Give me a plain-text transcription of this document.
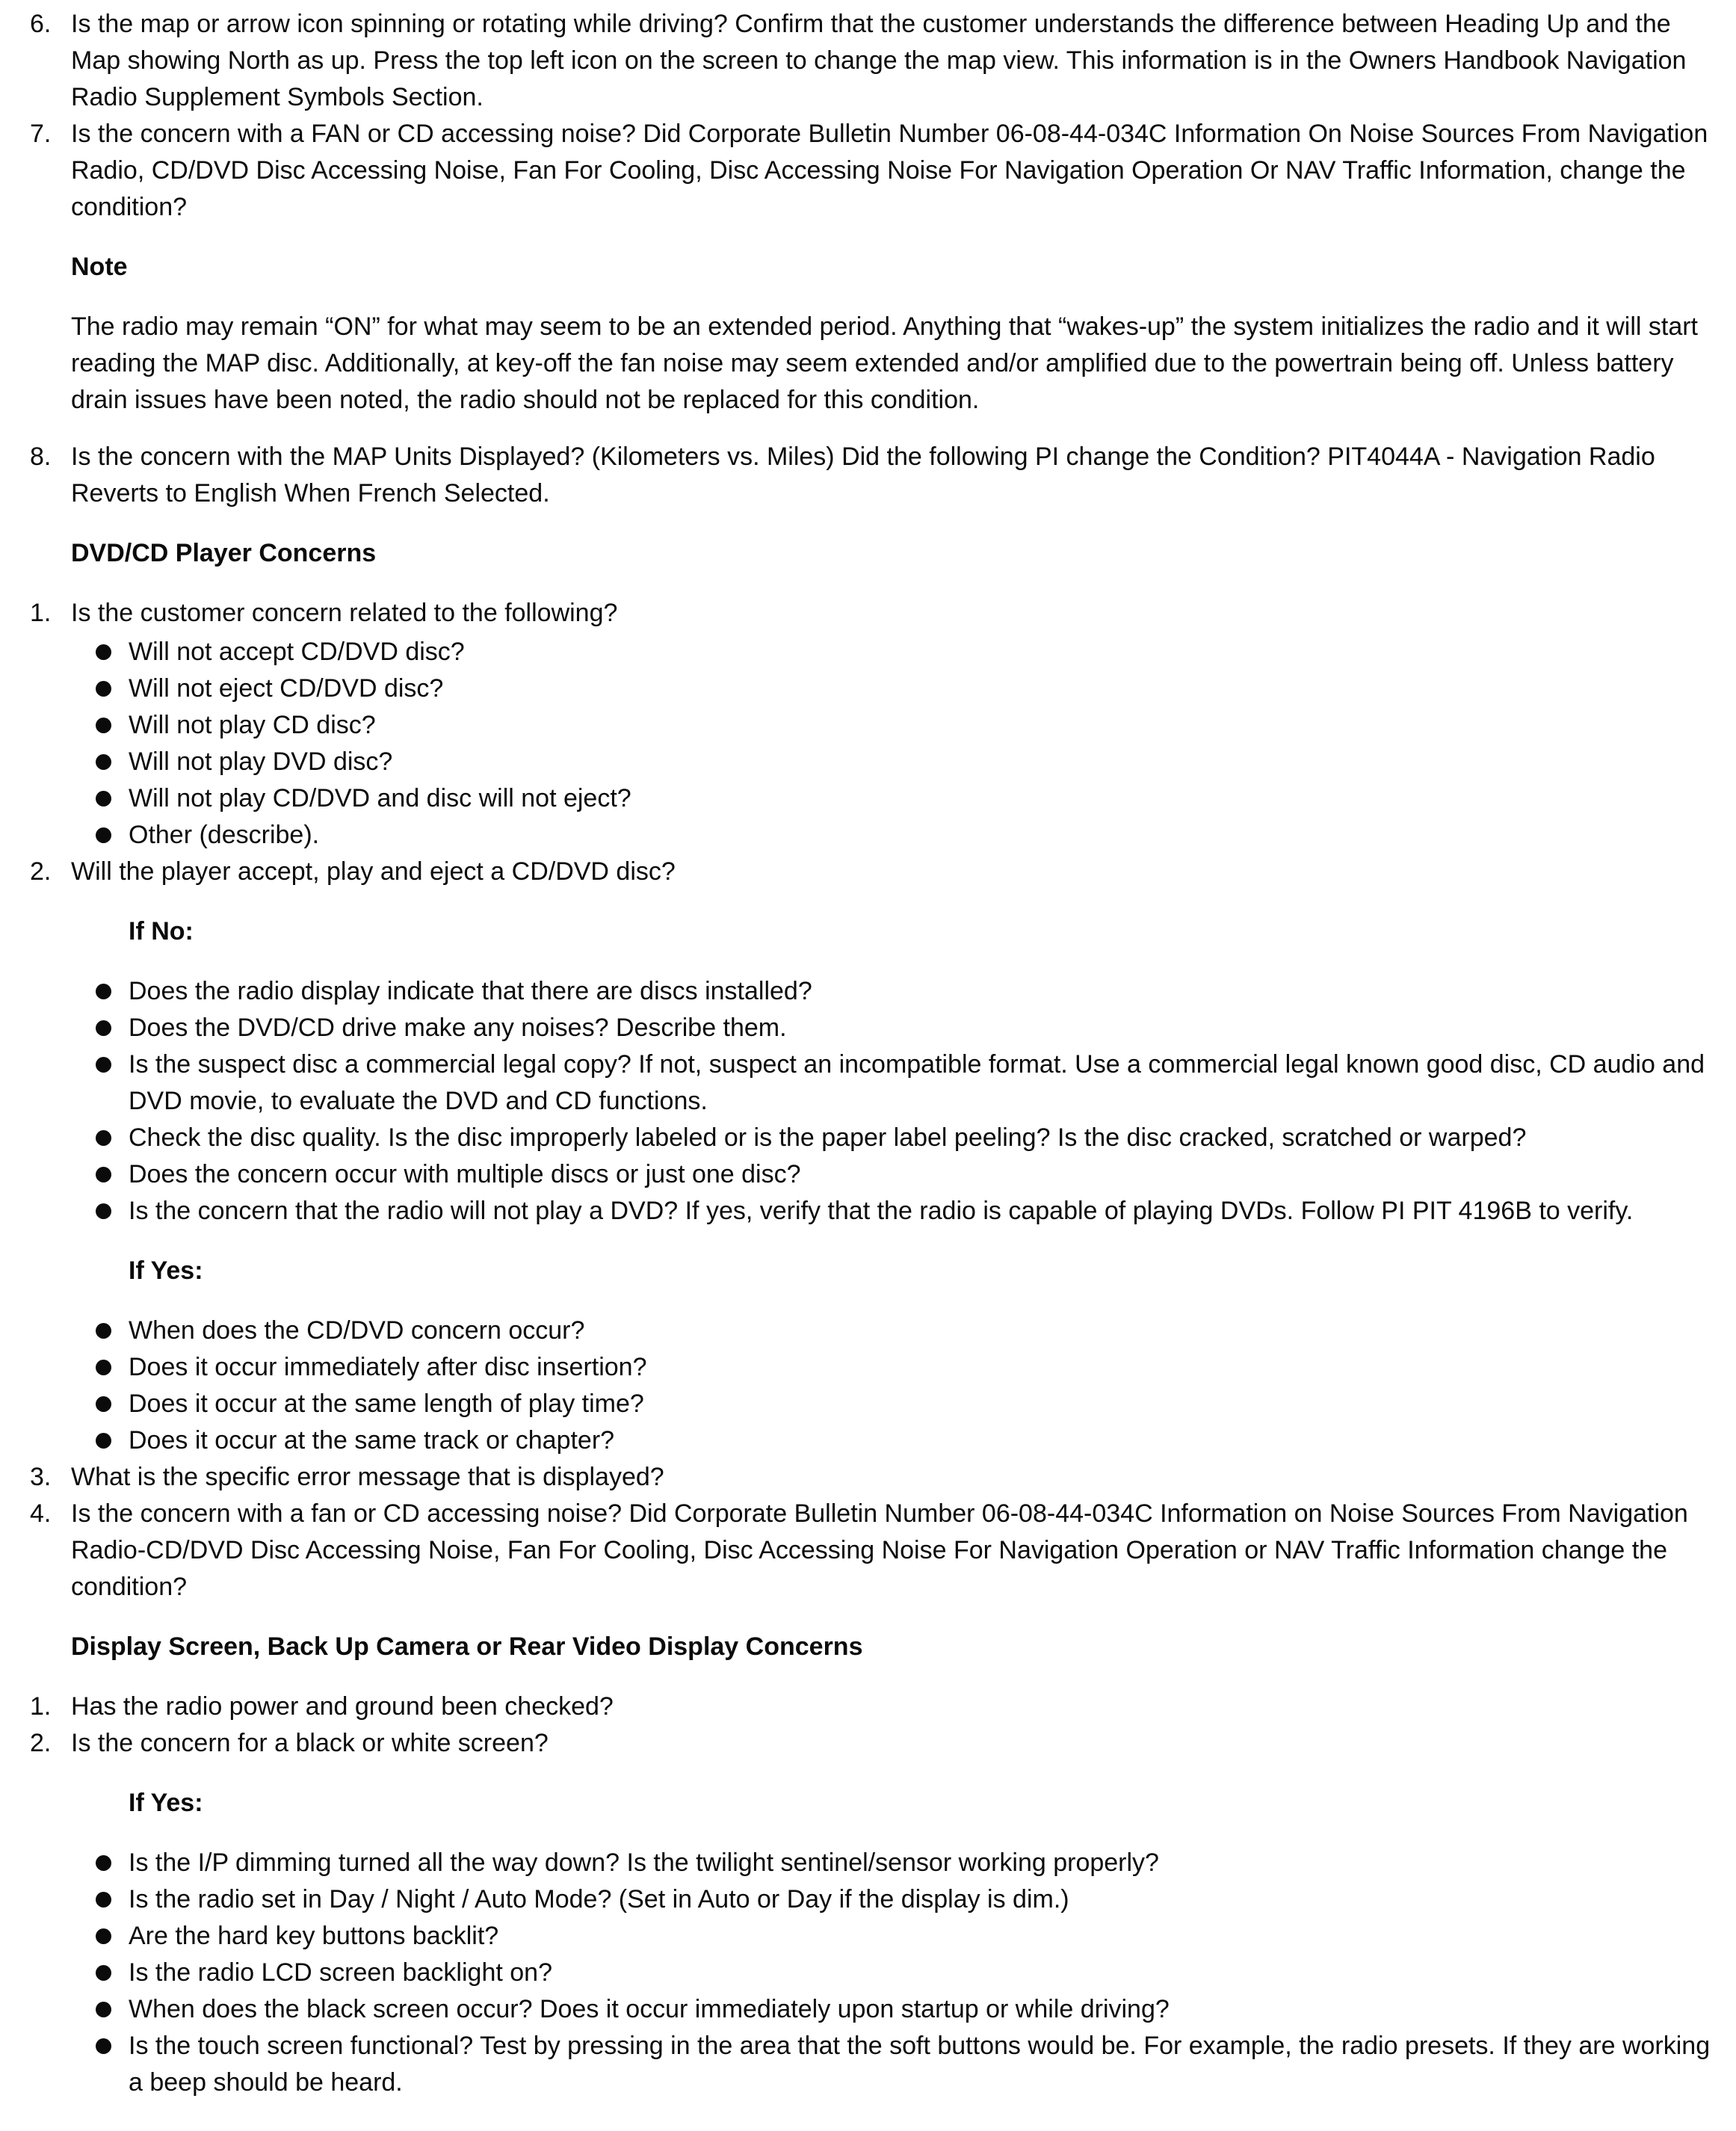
6. Is the map or arrow icon spinning or rotating while driving? Confirm that the customer understands the difference between Heading Up and the Map showing North as up. Press the top left icon on the screen to change the map view. This information is in the Owners Handbook Navigation Radio Supplement Symbols Section.
7. Is the concern with a FAN or CD accessing noise? Did Corporate Bulletin Number 06-08-44-034C Information On Noise Sources From Navigation Radio, CD/DVD Disc Accessing Noise, Fan For Cooling, Disc Accessing Noise For Navigation Operation Or NAV Traffic Information, change the condition?
Note
The radio may remain “ON” for what may seem to be an extended period. Anything that “wakes-up” the system initializes the radio and it will start reading the MAP disc. Additionally, at key-off the fan noise may seem extended and/or amplified due to the powertrain being off. Unless battery drain issues have been noted, the radio should not be replaced for this condition.
8. Is the concern with the MAP Units Displayed? (Kilometers vs. Miles) Did the following PI change the Condition? PIT4044A - Navigation Radio Reverts to English When French Selected.
DVD/CD Player Concerns
1. Is the customer concern related to the following?
Will not accept CD/DVD disc?
Will not eject CD/DVD disc?
Will not play CD disc?
Will not play DVD disc?
Will not play CD/DVD and disc will not eject?
Other (describe).
2. Will the player accept, play and eject a CD/DVD disc?
If No:
Does the radio display indicate that there are discs installed?
Does the DVD/CD drive make any noises? Describe them.
Is the suspect disc a commercial legal copy? If not, suspect an incompatible format. Use a commercial legal known good disc, CD audio and DVD movie, to evaluate the DVD and CD functions.
Check the disc quality. Is the disc improperly labeled or is the paper label peeling? Is the disc cracked, scratched or warped?
Does the concern occur with multiple discs or just one disc?
Is the concern that the radio will not play a DVD? If yes, verify that the radio is capable of playing DVDs. Follow PI PIT 4196B to verify.
If Yes:
When does the CD/DVD concern occur?
Does it occur immediately after disc insertion?
Does it occur at the same length of play time?
Does it occur at the same track or chapter?
3. What is the specific error message that is displayed?
4. Is the concern with a fan or CD accessing noise? Did Corporate Bulletin Number 06-08-44-034C Information on Noise Sources From Navigation Radio-CD/DVD Disc Accessing Noise, Fan For Cooling, Disc Accessing Noise For Navigation Operation or NAV Traffic Information change the condition?
Display Screen, Back Up Camera or Rear Video Display Concerns
1. Has the radio power and ground been checked?
2. Is the concern for a black or white screen?
If Yes:
Is the I/P dimming turned all the way down? Is the twilight sentinel/sensor working properly?
Is the radio set in Day / Night / Auto Mode? (Set in Auto or Day if the display is dim.)
Are the hard key buttons backlit?
Is the radio LCD screen backlight on?
When does the black screen occur? Does it occur immediately upon startup or while driving?
Is the touch screen functional? Test by pressing in the area that the soft buttons would be. For example, the radio presets. If they are working a beep should be heard.
